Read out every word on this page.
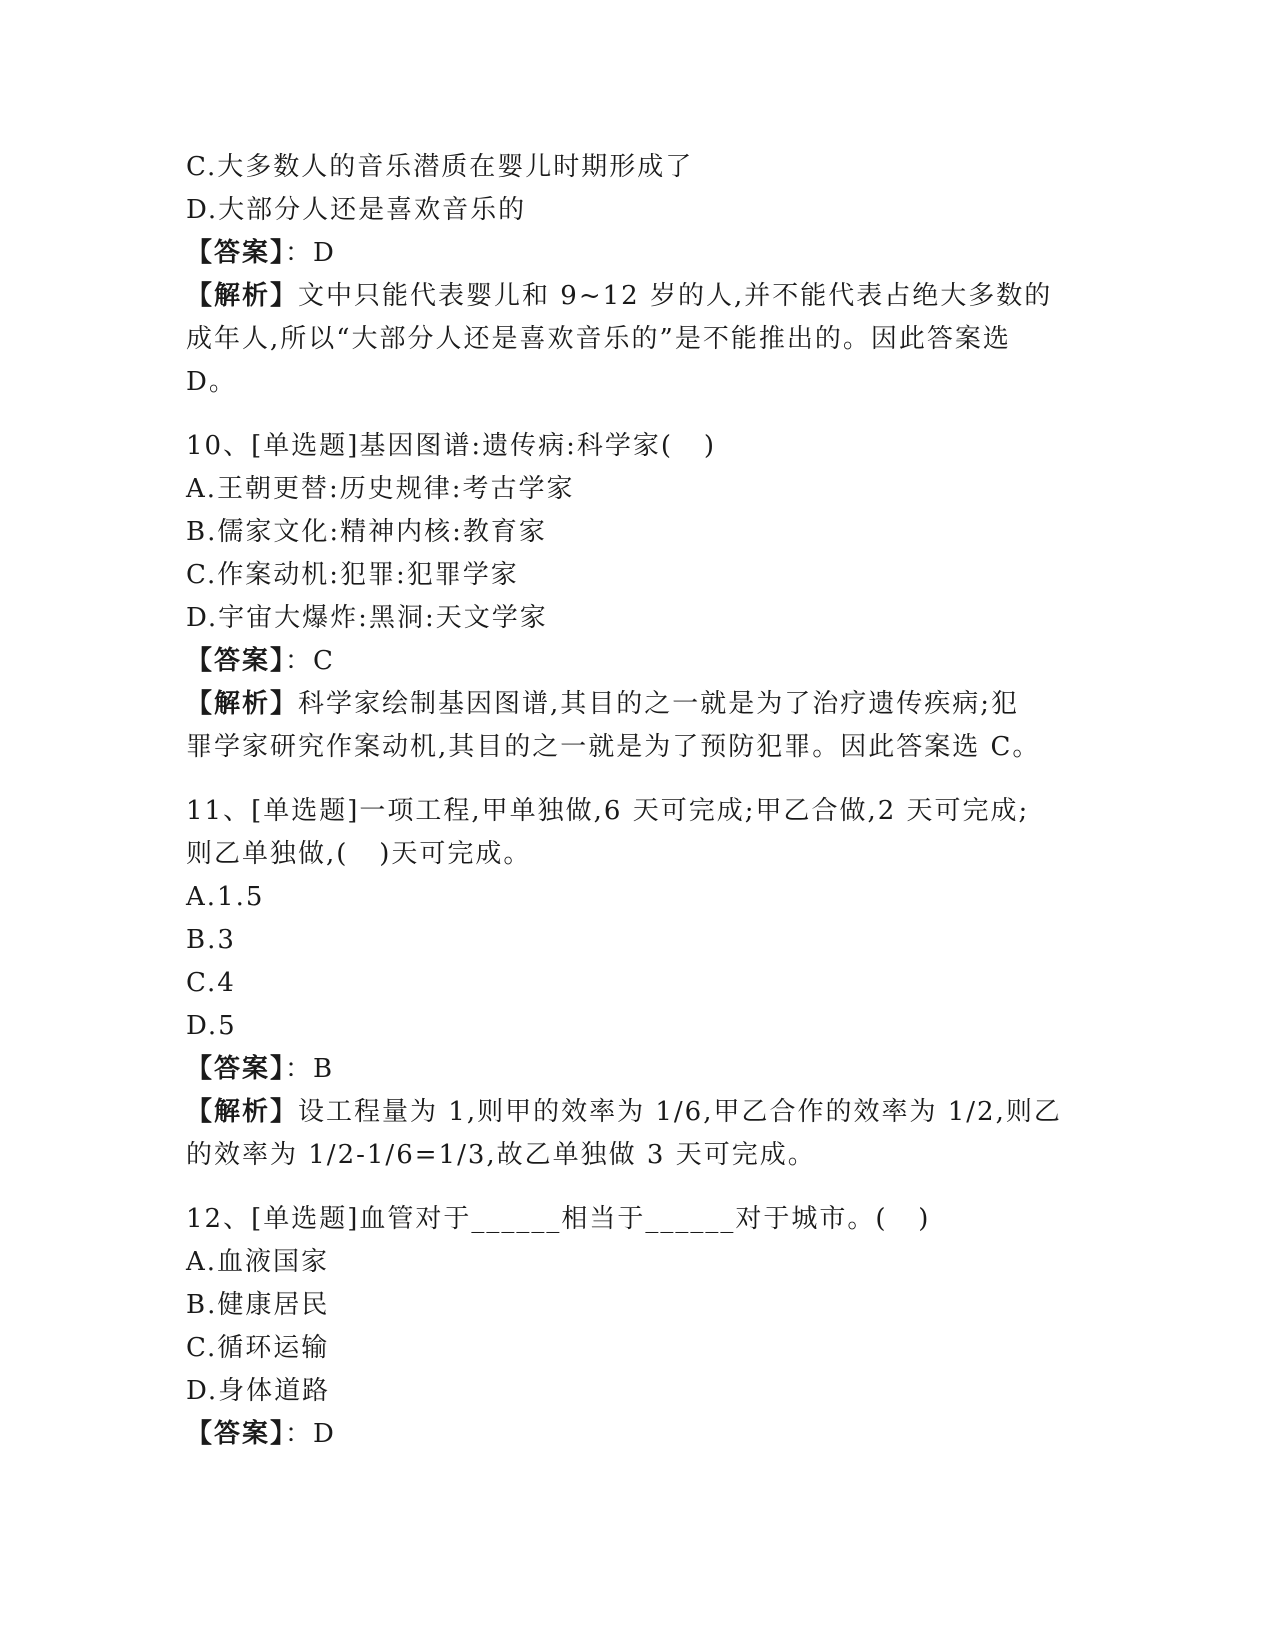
C.大多数人的音乐潜质在婴儿时期形成了
D.大部分人还是喜欢音乐的
【答案】：D
【解析】文中只能代表婴儿和 9~12 岁的人,并不能代表占绝大多数的
成年人,所以“大部分人还是喜欢音乐的”是不能推出的。因此答案选
D。
10、[单选题]基因图谱:遗传病:科学家(   )
A.王朝更替:历史规律:考古学家
B.儒家文化:精神内核:教育家
C.作案动机:犯罪:犯罪学家
D.宇宙大爆炸:黑洞:天文学家
【答案】：C
【解析】科学家绘制基因图谱,其目的之一就是为了治疗遗传疾病;犯
罪学家研究作案动机,其目的之一就是为了预防犯罪。因此答案选 C。
11、[单选题]一项工程,甲单独做,6 天可完成;甲乙合做,2 天可完成;
则乙单独做,(   )天可完成。
A.1.5
B.3
C.4
D.5
【答案】：B
【解析】设工程量为 1,则甲的效率为 1/6,甲乙合作的效率为 1/2,则乙
的效率为 1/2-1/6=1/3,故乙单独做 3 天可完成。
12、[单选题]血管对于______相当于______对于城市。(   )
A.血液国家
B.健康居民
C.循环运输
D.身体道路
【答案】：D
